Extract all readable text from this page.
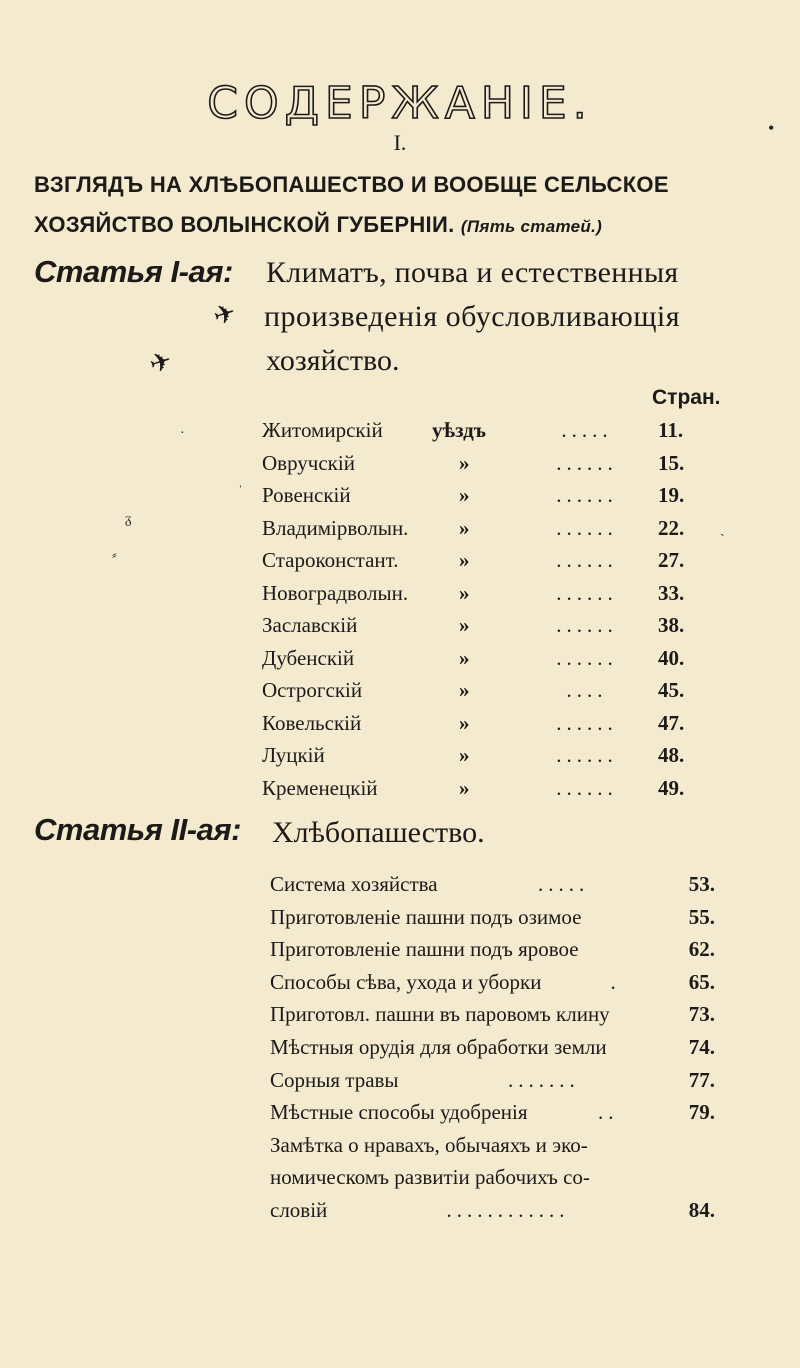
СОДЕРЖАНІЕ.
I.
ВЗГЛЯДЪ НА ХЛѢБОПАШЕСТВО И ВООБЩЕ СЕЛЬСКОЕ
ХОЗЯЙСТВО ВОЛЫНСКОЙ ГУБЕРНІИ. (Пять статей.)
Статья І-ая: Климатъ, почва и естественныя
произведенія обусловливающія
хозяйство.
✈
✈
Стран.
Житомирскій уѣздъ	.....	11.
Овручскій	»	......	15.
Ровенскій	»	......	19.
Владимірволын. »	......	22.
Староконстант.	»	......	27.
Новоградволын. »	......	33.
Заславскій	»	......	38.
Дубенскій	»	......	40.
Острогскій	»	....	45.
Ковельскій	»	......	47.
Луцкій	»	......	48.
Кременецкій	»	......	49.
Статья ІІ-ая: Хлѣбопашество.
Система хозяйства	.....	53.
Приготовленіе пашни подъ озимое	55.
Приготовленіе пашни подъ яровое	62.
Способы сѣва, ухода и уборки	.	65.
Приготовл. пашни въ паровомъ клину	73.
Мѣстныя орудія для обработки земли	74.
Сорныя травы	.......	77.
Мѣстные способы удобренія	..	79.
Замѣтка о нравахъ, обычаяхъ и эко-
номическомъ развитіи рабочихъ со-
словій	............	84.
·
ˈ
ᵹ
ˏ
⸗
•
